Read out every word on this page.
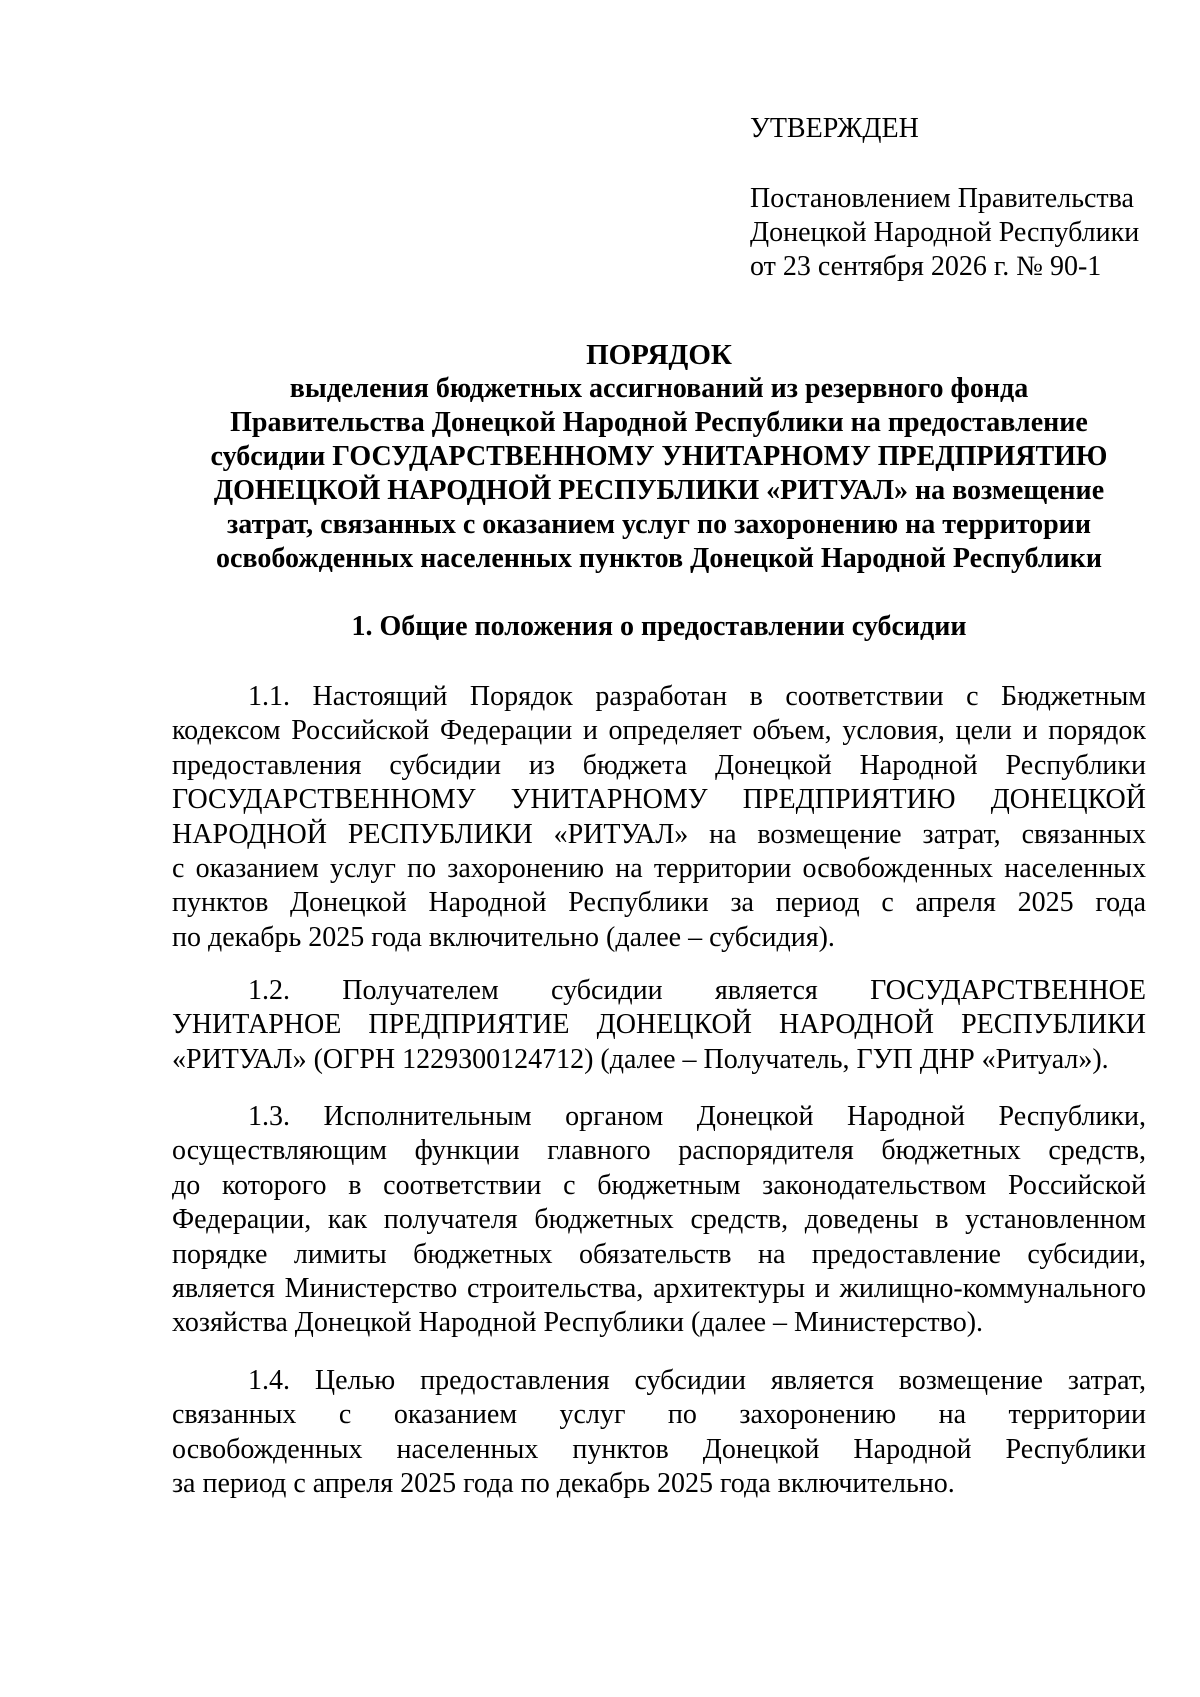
УТВЕРЖДЕН
Постановлением Правительства
Донецкой Народной Республики
от 23 сентября 2026 г. № 90-1
ПОРЯДОК
выделения бюджетных ассигнований из резервного фонда
Правительства Донецкой Народной Республики на предоставление
субсидии ГОСУДАРСТВЕННОМУ УНИТАРНОМУ ПРЕДПРИЯТИЮ
ДОНЕЦКОЙ НАРОДНОЙ РЕСПУБЛИКИ «РИТУАЛ» на возмещение
затрат, связанных с оказанием услуг по захоронению на территории
освобожденных населенных пунктов Донецкой Народной Республики
1. Общие положения о предоставлении субсидии
1.1. Настоящий Порядок разработан в соответствии с Бюджетным
кодексом Российской Федерации и определяет объем, условия, цели и порядок
предоставления субсидии из бюджета Донецкой Народной Республики
ГОСУДАРСТВЕННОМУ УНИТАРНОМУ ПРЕДПРИЯТИЮ ДОНЕЦКОЙ
НАРОДНОЙ РЕСПУБЛИКИ «РИТУАЛ» на возмещение затрат, связанных
с оказанием услуг по захоронению на территории освобожденных населенных
пунктов Донецкой Народной Республики за период с апреля 2025 года
по декабрь 2025 года включительно (далее – субсидия).
1.2. Получателем субсидии является ГОСУДАРСТВЕННОЕ
УНИТАРНОЕ ПРЕДПРИЯТИЕ ДОНЕЦКОЙ НАРОДНОЙ РЕСПУБЛИКИ
«РИТУАЛ» (ОГРН 1229300124712) (далее – Получатель, ГУП ДНР «Ритуал»).
1.3. Исполнительным органом Донецкой Народной Республики,
осуществляющим функции главного распорядителя бюджетных средств,
до которого в соответствии с бюджетным законодательством Российской
Федерации, как получателя бюджетных средств, доведены в установленном
порядке лимиты бюджетных обязательств на предоставление субсидии,
является Министерство строительства, архитектуры и жилищно-коммунального
хозяйства Донецкой Народной Республики (далее – Министерство).
1.4. Целью предоставления субсидии является возмещение затрат,
связанных с оказанием услуг по захоронению на территории
освобожденных населенных пунктов Донецкой Народной Республики
за период с апреля 2025 года по декабрь 2025 года включительно.
